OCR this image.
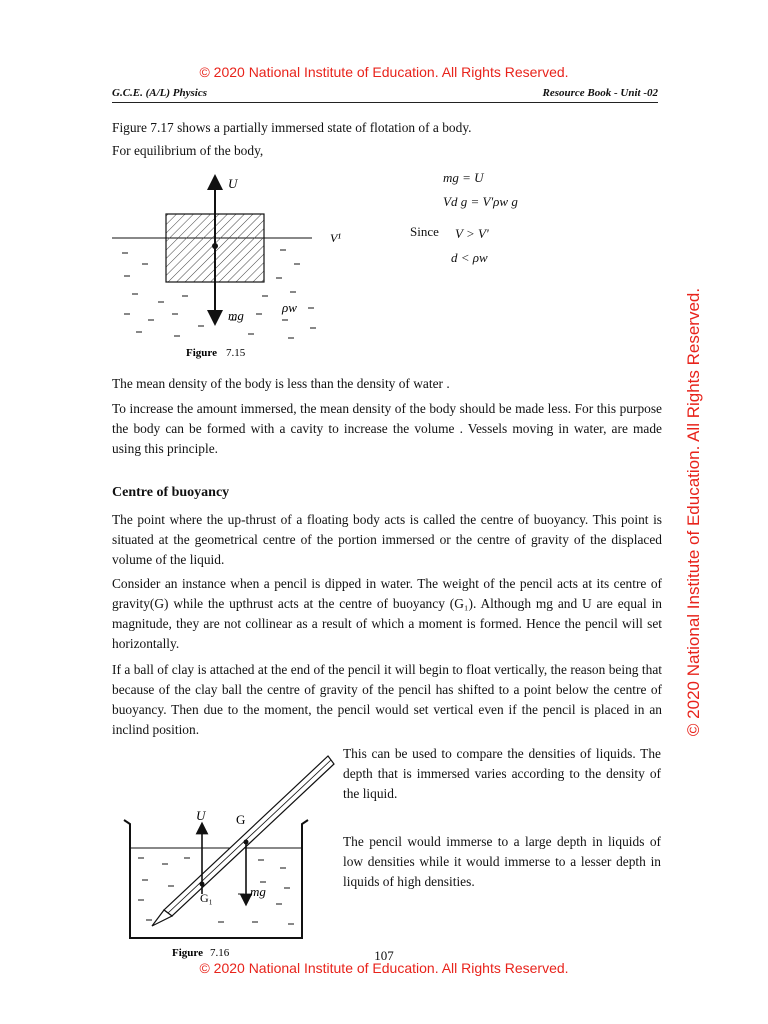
© 2020 National Institute of Education. All Rights Reserved.
G.C.E. (A/L) Physics	Resource Book - Unit -02
© 2020 National Institute of Education. All Rights Reserved.

Figure 7.17 shows a partially immersed state of flotation of a body.

For equilibrium of the body,

U
V¹
mg
ρw
Figure 7.15
mg = U
Vd g = V'ρw g
Since V > V'
d < ρw

The mean density of the body is less than the density of water .

To increase the amount immersed, the mean density of the body should be made less. For this purpose the body can be formed with a cavity to increase the volume . Vessels moving in water, are made using this principle.

Centre of buoyancy

The point where the up-thrust of a floating body acts is called the centre of buoyancy. This point is situated at the geometrical centre of the portion immersed or the centre of gravity of the displaced volume of the liquid.

Consider an instance when a pencil is dipped in water. The weight of the pencil acts at its centre of gravity(G) while the upthrust acts at the centre of buoyancy (G₁). Although mg and U are equal in magnitude, they are not collinear as a result of which a moment is formed. Hence the pencil will set horizontally.

If a ball of clay is attached at the end of the pencil it will begin to float vertically, the reason being that because of the clay ball the centre of gravity of the pencil has shifted to a point below the centre of buoyancy. Then due to the moment, the pencil would set vertical even if the pencil is placed in an inclind position.

U G
G₁	mg
Figure 7.16

This can be used to compare the densities of liquids. The depth that is immersed varies according to the density of the liquid.

The pencil would immerse to a large depth in liquids of low densities while it would immerse to a lesser depth in liquids of high densities.

107
© 2020 National Institute of Education. All Rights Reserved.
